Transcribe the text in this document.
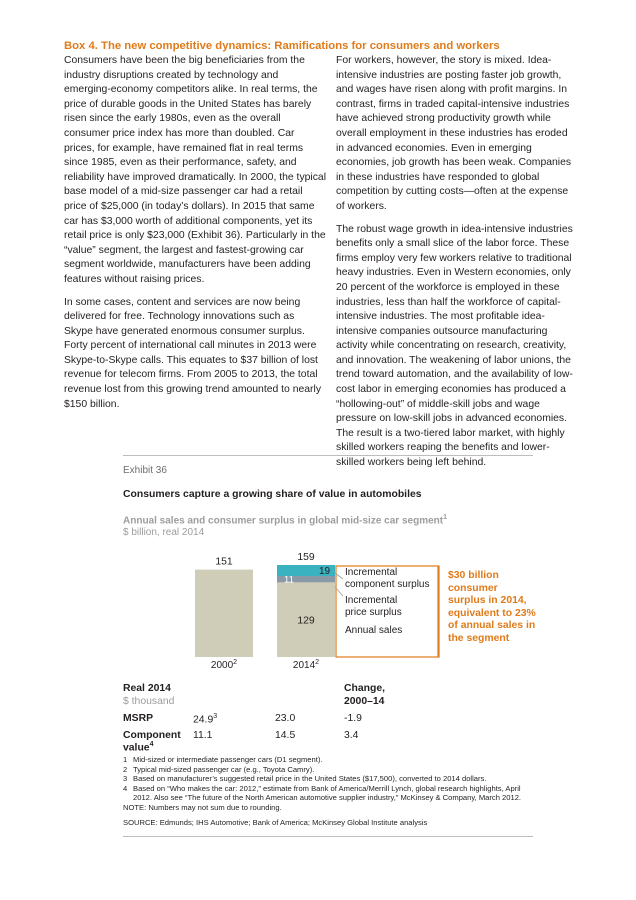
Box 4. The new competitive dynamics: Ramifications for consumers and workers

Consumers have been the big beneficiaries from the industry disruptions created by technology and emerging-economy competitors alike. In real terms, the price of durable goods in the United States has barely risen since the early 1980s, even as the overall consumer price index has more than doubled. Car prices, for example, have remained flat in real terms since 1985, even as their performance, safety, and reliability have improved dramatically. In 2000, the typical base model of a mid-size passenger car had a retail price of $25,000 (in today’s dollars). In 2015 that same car has $3,000 worth of additional components, yet its retail price is only $23,000 (Exhibit 36). Particularly in the “value” segment, the largest and fastest-growing car segment worldwide, manufacturers have been adding features without raising prices.

In some cases, content and services are now being delivered for free. Technology innovations such as Skype have generated enormous consumer surplus. Forty percent of international call minutes in 2013 were Skype-to-Skype calls. This equates to $37 billion of lost revenue for telecom firms. From 2005 to 2013, the total revenue lost from this growing trend amounted to nearly $150 billion.

For workers, however, the story is mixed. Idea-intensive industries are posting faster job growth, and wages have risen along with profit margins. In contrast, firms in traded capital-intensive industries have achieved strong productivity growth while overall employment in these industries has eroded in advanced economies. Even in emerging economies, job growth has been weak. Companies in these industries have responded to global competition by cutting costs—often at the expense of workers.

The robust wage growth in idea-intensive industries benefits only a small slice of the labor force. These firms employ very few workers relative to traditional heavy industries. Even in Western economies, only 20 percent of the workforce is employed in these industries, less than half the workforce of capital-intensive industries. The most profitable idea-intensive companies outsource manufacturing activity while concentrating on research, creativity, and innovation. The weakening of labor unions, the trend toward automation, and the availability of low-cost labor in emerging economies has produced a “hollowing-out” of middle-skill jobs and wage pressure on low-skill jobs in advanced economies. The result is a two-tiered labor market, with highly skilled workers reaping the benefits and lower-skilled workers being left behind.

Exhibit 36
Consumers capture a growing share of value in automobiles
Annual sales and consumer surplus in global mid-size car segment$^1$
$ billion, real 2014
151	159
129
11
19 Incremental
component surplus
Incremental
price surplus
Annual sales
2000$^2$	2014$^2$
$30 billion consumer surplus in 2014, equivalent to 23% of annual sales in the segment
Real 2014
$ thousand
Change,
2000–14
MSRP	24.9$^3$	23.0	-1.9
Component
value$^4$
11.1	14.5	3.4
1 Mid-sized or intermediate passenger cars (D1 segment).
2 Typical mid-sized passenger car (e.g., Toyota Camry).
3 Based on manufacturer’s suggested retail price in the United States ($17,500), converted to 2014 dollars.
4 Based on “Who makes the car: 2012,” estimate from Bank of America/Merrill Lynch, global research highlights, April
2012. Also see “The future of the North American automotive supplier industry,” McKinsey & Company, March 2012.
NOTE: Numbers may not sum due to rounding.
SOURCE: Edmunds; IHS Automotive; Bank of America; McKinsey Global Institute analysis
